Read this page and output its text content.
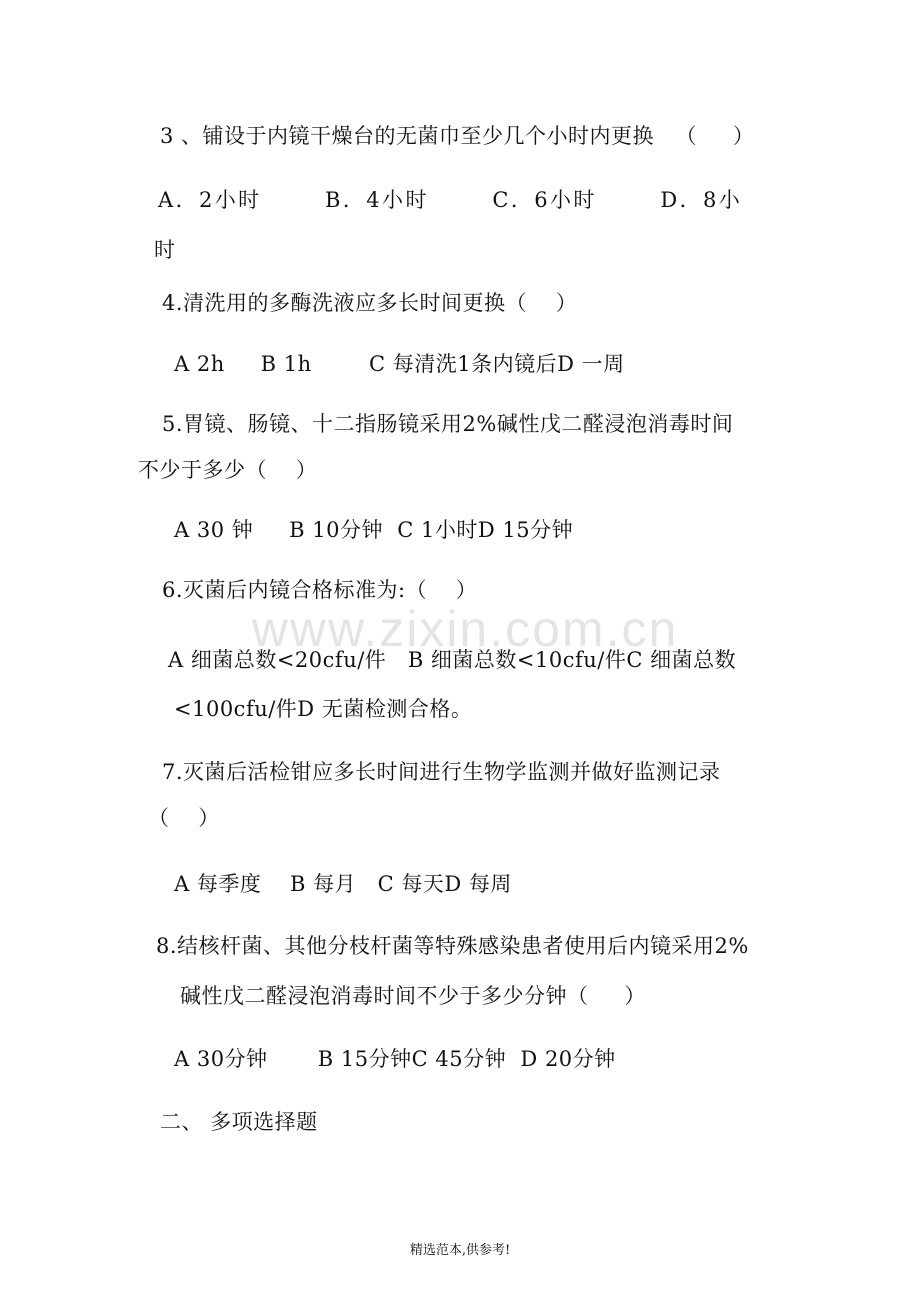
www.zixin.com.cn
3 、铺设于内镜干燥台的无菌巾至少几个小时内更换   （     ）
A．2小时       B．4小时       C．6小时       D．8小
时
4.清洗用的多酶洗液应多长时间更换（    ）
A 2h     B 1h        C 每清洗1条内镜后D 一周
5.胃镜、肠镜、十二指肠镜采用2%碱性戊二醛浸泡消毒时间
不少于多少（    ）
A 30 钟     B 10分钟  C 1小时D 15分钟
6.灭菌后内镜合格标准为:（    ）
A 细菌总数<20cfu/件   B 细菌总数<10cfu/件C 细菌总数
<100cfu/件D 无菌检测合格。
7.灭菌后活检钳应多长时间进行生物学监测并做好监测记录
（    ）
A 每季度    B 每月   C 每天D 每周
8.结核杆菌、其他分枝杆菌等特殊感染患者使用后内镜采用2%
碱性戊二醛浸泡消毒时间不少于多少分钟（     ）
A 30分钟       B 15分钟C 45分钟  D 20分钟
二、 多项选择题
精选范本,供参考!
